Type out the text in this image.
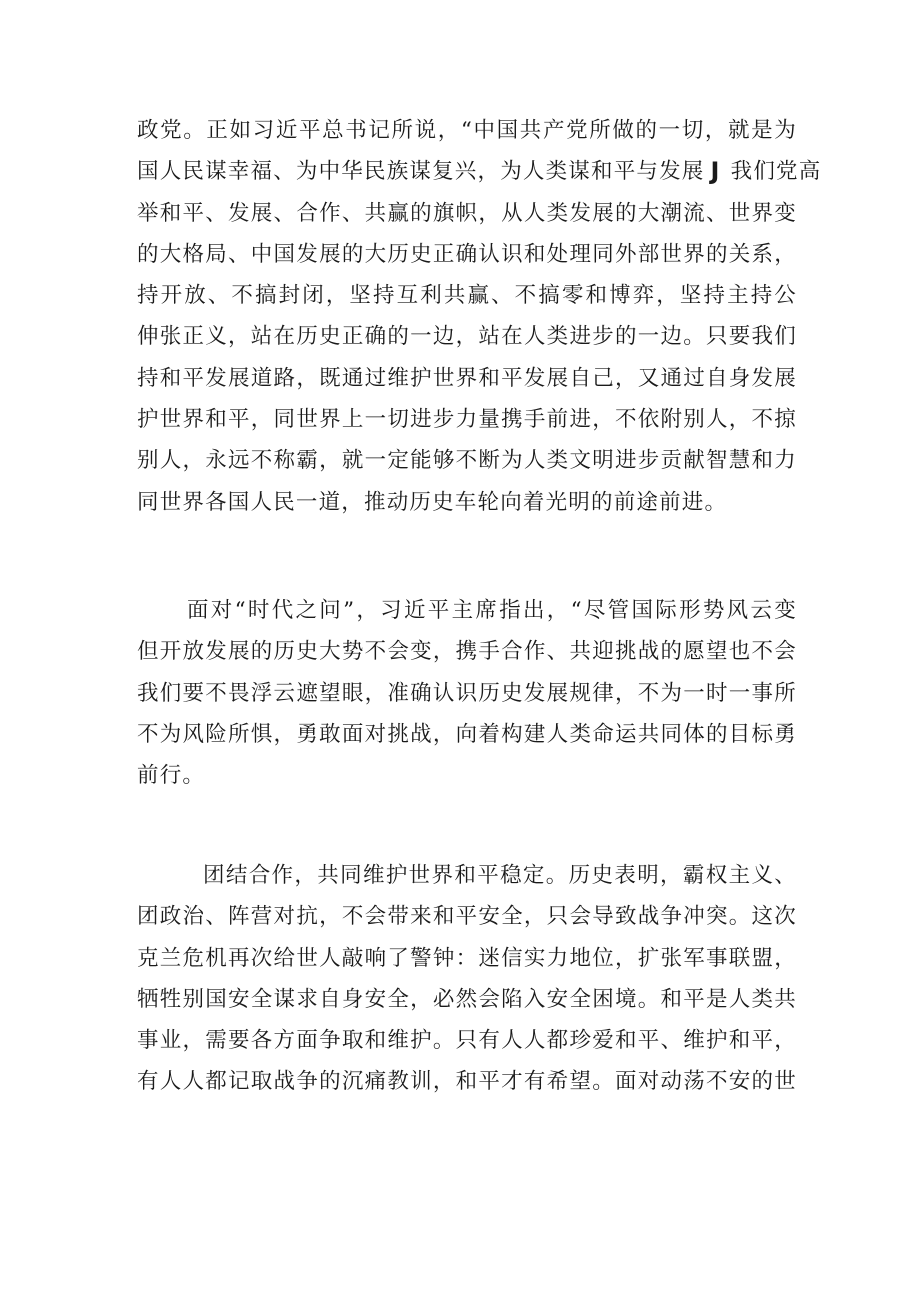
政党。正如习近平总书记所说，“中国共产党所做的一切，就是为
国人民谋幸福、为中华民族谋复兴，为人类谋和平与发展 J 我们党高
举和平、发展、合作、共赢的旗帜，从人类发展的大潮流、世界变
的大格局、中国发展的大历史正确认识和处理同外部世界的关系，
持开放、不搞封闭，坚持互利共赢、不搞零和博弈，坚持主持公
伸张正义，站在历史正确的一边，站在人类进步的一边。只要我们
持和平发展道路，既通过维护世界和平发展自己，又通过自身发展
护世界和平，同世界上一切进步力量携手前进，不依附别人，不掠
别人，永远不称霸，就一定能够不断为人类文明进步贡献智慧和力
同世界各国人民一道，推动历史车轮向着光明的前途前进。
面对“时代之问”，习近平主席指出，“尽管国际形势风云变
但开放发展的历史大势不会变，携手合作、共迎挑战的愿望也不会
我们要不畏浮云遮望眼，准确认识历史发展规律，不为一时一事所
不为风险所惧，勇敢面对挑战，向着构建人类命运共同体的目标勇
前行。
团结合作，共同维护世界和平稳定。历史表明，霸权主义、
团政治、阵营对抗，不会带来和平安全，只会导致战争冲突。这次
克兰危机再次给世人敲响了警钟：迷信实力地位，扩张军事联盟，
牺牲别国安全谋求自身安全，必然会陷入安全困境。和平是人类共
事业，需要各方面争取和维护。只有人人都珍爱和平、维护和平，
有人人都记取战争的沉痛教训，和平才有希望。面对动荡不安的世
